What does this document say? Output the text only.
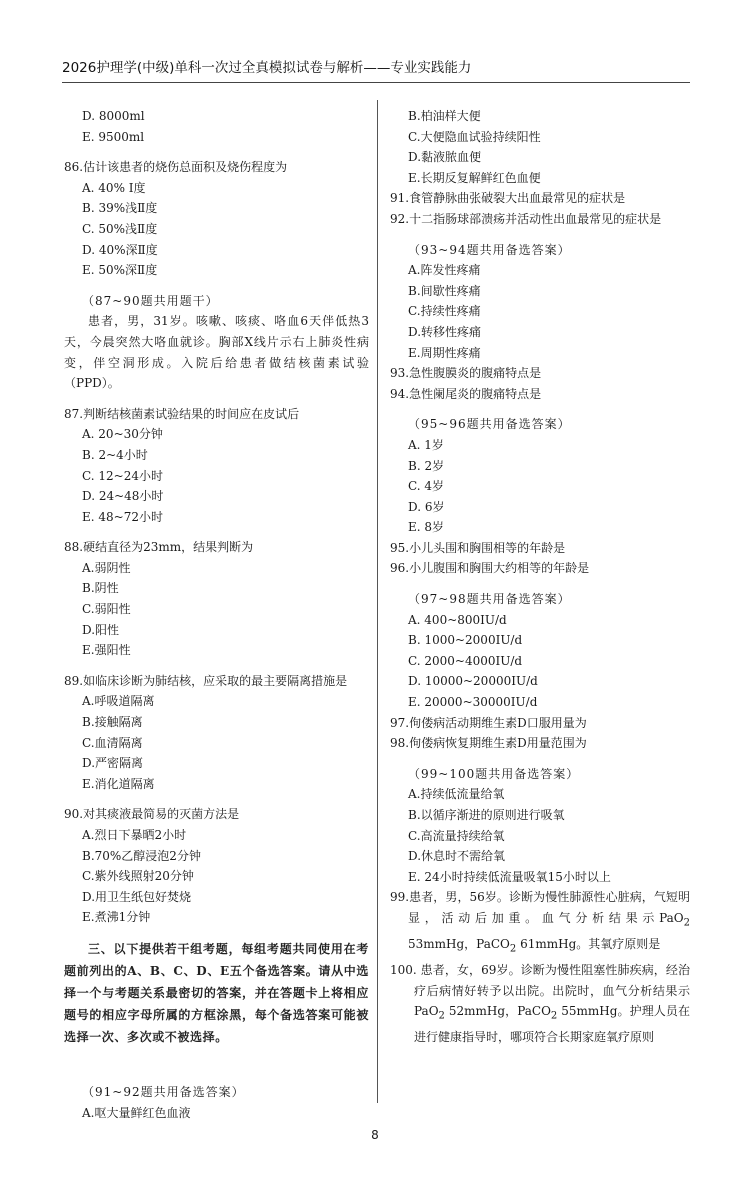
2026护理学(中级)单科一次过全真模拟试卷与解析——专业实践能力

D. 8000ml

E. 9500ml

86.估计该患者的烧伤总面积及烧伤程度为

A. 40% Ⅰ度

B. 39%浅Ⅱ度

C. 50%浅Ⅱ度

D. 40%深Ⅱ度

E. 50%深Ⅱ度

（87~90题共用题干）

患者，男，31岁。咳嗽、咳痰、咯血6天伴低热3天，今晨突然大咯血就诊。胸部X线片示右上肺炎性病变，伴空洞形成。入院后给患者做结核菌素试验（PPD）。

87.判断结核菌素试验结果的时间应在皮试后

A. 20~30分钟

B. 2~4小时

C. 12~24小时

D. 24~48小时

E. 48~72小时

88.硬结直径为23mm，结果判断为

A.弱阴性

B.阴性

C.弱阳性

D.阳性

E.强阳性

89.如临床诊断为肺结核，应采取的最主要隔离措施是

A.呼吸道隔离

B.接触隔离

C.血清隔离

D.严密隔离

E.消化道隔离

90.对其痰液最简易的灭菌方法是

A.烈日下暴晒2小时

B.70%乙醇浸泡2分钟

C.紫外线照射20分钟

D.用卫生纸包好焚烧

E.煮沸1分钟

三、以下提供若干组考题，每组考题共同使用在考题前列出的A、B、C、D、E五个备选答案。请从中选择一个与考题关系最密切的答案，并在答题卡上将相应题号的相应字母所属的方框涂黑，每个备选答案可能被选择一次、多次或不被选择。

（91~92题共用备选答案）

A.呕大量鲜红色血液

B.柏油样大便

C.大便隐血试验持续阳性

D.黏液脓血便

E.长期反复解鲜红色血便

91.食管静脉曲张破裂大出血最常见的症状是

92.十二指肠球部溃疡并活动性出血最常见的症状是

（93~94题共用备选答案）

A.阵发性疼痛

B.间歇性疼痛

C.持续性疼痛

D.转移性疼痛

E.周期性疼痛

93.急性腹膜炎的腹痛特点是

94.急性阑尾炎的腹痛特点是

（95~96题共用备选答案）

A. 1岁

B. 2岁

C. 4岁

D. 6岁

E. 8岁

95.小儿头围和胸围相等的年龄是

96.小儿腹围和胸围大约相等的年龄是

（97~98题共用备选答案）

A. 400~800IU/d

B. 1000~2000IU/d

C. 2000~4000IU/d

D. 10000~20000IU/d

E. 20000~30000IU/d

97.佝偻病活动期维生素D口服用量为

98.佝偻病恢复期维生素D用量范围为

（99~100题共用备选答案）

A.持续低流量给氧

B.以循序渐进的原则进行吸氧

C.高流量持续给氧

D.休息时不需给氧

E. 24小时持续低流量吸氧15小时以上

99.患者，男，56岁。诊断为慢性肺源性心脏病，气短明显，活动后加重。血气分析结果示PaO$_2$ 53mmHg，PaCO$_2$ 61mmHg。其氧疗原则是

100. 患者，女，69岁。诊断为慢性阻塞性肺疾病，经治疗后病情好转予以出院。出院时，血气分析结果示PaO$_2$ 52mmHg，PaCO$_2$ 55mmHg。护理人员在进行健康指导时，哪项符合长期家庭氧疗原则

8
